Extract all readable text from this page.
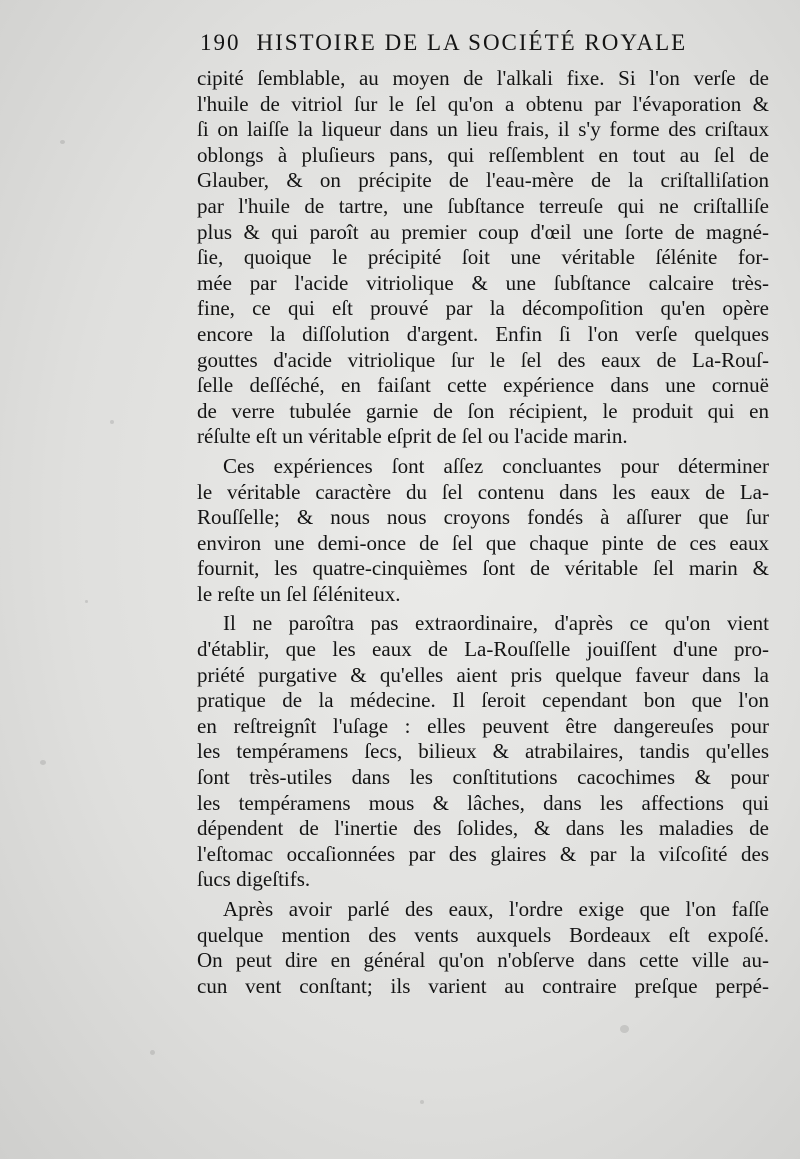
190 HISTOIRE DE LA SOCIÉTÉ ROYALE
cipité ſemblable, au moyen de l'alkali fixe. Si l'on verſe de
l'huile de vitriol ſur le ſel qu'on a obtenu par l'évaporation &
ſi on laiſſe la liqueur dans un lieu frais, il s'y forme des criſtaux
oblongs à pluſieurs pans, qui reſſemblent en tout au ſel de
Glauber, & on précipite de l'eau-mère de la criſtalliſation
par l'huile de tartre, une ſubſtance terreuſe qui ne criſtalliſe
plus & qui paroît au premier coup d'œil une ſorte de magné-
ſie, quoique le précipité ſoit une véritable ſélénite for-
mée par l'acide vitriolique & une ſubſtance calcaire très-
fine, ce qui eſt prouvé par la décompoſition qu'en opère
encore la diſſolution d'argent. Enfin ſi l'on verſe quelques
gouttes d'acide vitriolique ſur le ſel des eaux de La-Rouſ-
ſelle deſſéché, en faiſant cette expérience dans une cornuë
de verre tubulée garnie de ſon récipient, le produit qui en
réſulte eſt un véritable eſprit de ſel ou l'acide marin.
Ces expériences ſont aſſez concluantes pour déterminer
le véritable caractère du ſel contenu dans les eaux de La-
Rouſſelle; & nous nous croyons fondés à aſſurer que ſur
environ une demi-once de ſel que chaque pinte de ces eaux
fournit, les quatre-cinquièmes ſont de véritable ſel marin &
le reſte un ſel ſéléniteux.
Il ne paroîtra pas extraordinaire, d'après ce qu'on vient
d'établir, que les eaux de La-Rouſſelle jouiſſent d'une pro-
priété purgative & qu'elles aient pris quelque faveur dans la
pratique de la médecine. Il ſeroit cependant bon que l'on
en reſtreignît l'uſage : elles peuvent être dangereuſes pour
les tempéramens ſecs, bilieux & atrabilaires, tandis qu'elles
ſont très-utiles dans les conſtitutions cacochimes & pour
les tempéramens mous & lâches, dans les affections qui
dépendent de l'inertie des ſolides, & dans les maladies de
l'eſtomac occaſionnées par des glaires & par la viſcoſité des
ſucs digeſtifs.
Après avoir parlé des eaux, l'ordre exige que l'on faſſe
quelque mention des vents auxquels Bordeaux eſt expoſé.
On peut dire en général qu'on n'obſerve dans cette ville au-
cun vent conſtant; ils varient au contraire preſque perpé-
